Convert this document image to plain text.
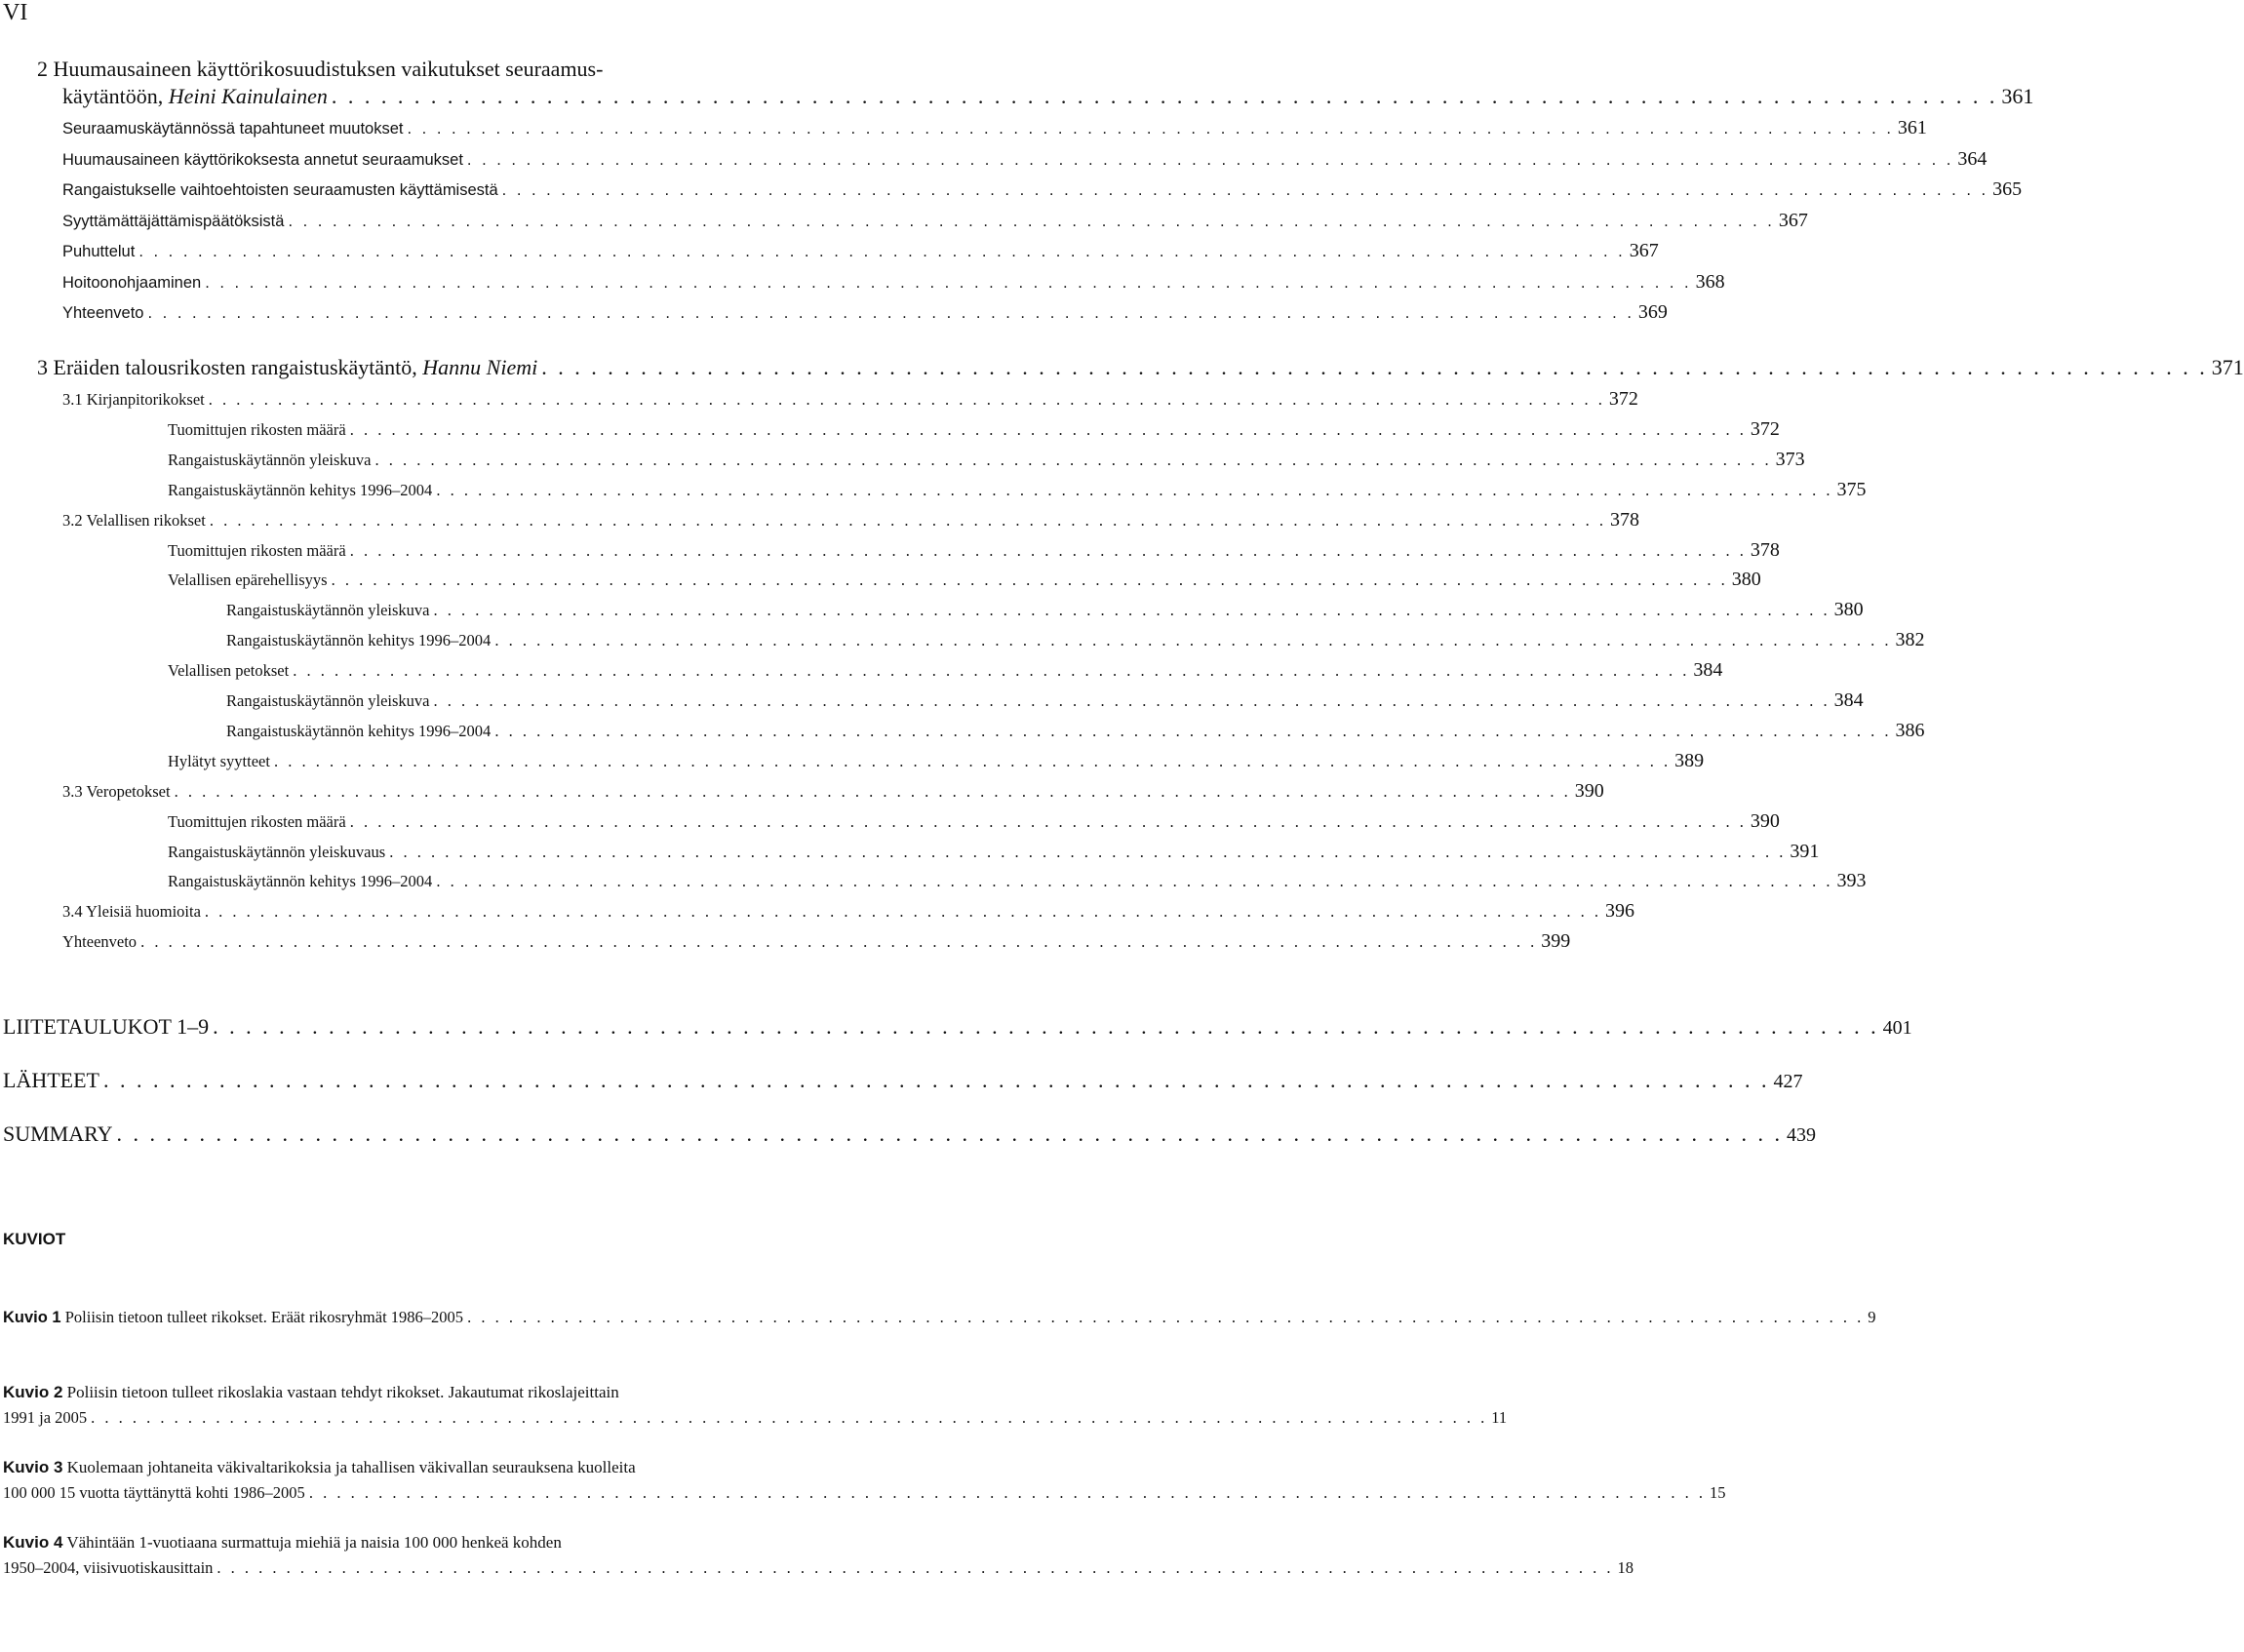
VI
2 Huumausaineen käyttörikosuudistuksen vaikutukset seuraamus-
käytäntöön, Heini Kainulainen . . . . . . . . . . . . . . . . . . . . . . . . . . . . . . . . . . . . . . . . . . . . . . . . . . . . . . . . . . . . . . . . . . . . . . . . . . . . . . . . . . . . . . . . . . . . . . . . . . . . . 361
Seuraamuskäytännössä tapahtuneet muutokset . . . . . . . . . . . . . . . . . . . . . . . . . . . . . . . . . . . . . . . . . . . . . . . . . . . . . . . . . . . . . . . . . . . . . . . . . . . . . . . . . . . . . . . . . . . . . . . . . . . . . 361
Huumausaineen käyttörikoksesta annetut seuraamukset . . . . . . . . . . . . . . . . . . . . . . . . . . . . . . . . . . . . . . . . . . . . . . . . . . . . . . . . . . . . . . . . . . . . . . . . . . . . . . . . . . . . . . . . . . . . . . . . . . . . . 364
Rangaistukselle vaihtoehtoisten seuraamusten käyttämisestä . . . . . . . . . . . . . . . . . . . . . . . . . . . . . . . . . . . . . . . . . . . . . . . . . . . . . . . . . . . . . . . . . . . . . . . . . . . . . . . . . . . . . . . . . . . . . . . . . . . . . 365
Syyttämättäjättämispäätöksistä . . . . . . . . . . . . . . . . . . . . . . . . . . . . . . . . . . . . . . . . . . . . . . . . . . . . . . . . . . . . . . . . . . . . . . . . . . . . . . . . . . . . . . . . . . . . . . . . . . . . . 367
Puhuttelut . . . . . . . . . . . . . . . . . . . . . . . . . . . . . . . . . . . . . . . . . . . . . . . . . . . . . . . . . . . . . . . . . . . . . . . . . . . . . . . . . . . . . . . . . . . . . . . . . . . . . 367
Hoitoonohjaaminen . . . . . . . . . . . . . . . . . . . . . . . . . . . . . . . . . . . . . . . . . . . . . . . . . . . . . . . . . . . . . . . . . . . . . . . . . . . . . . . . . . . . . . . . . . . . . . . . . . . . . 368
Yhteenveto . . . . . . . . . . . . . . . . . . . . . . . . . . . . . . . . . . . . . . . . . . . . . . . . . . . . . . . . . . . . . . . . . . . . . . . . . . . . . . . . . . . . . . . . . . . . . . . . . . . . . 369
3 Eräiden talousrikosten rangaistuskäytäntö, Hannu Niemi . . . . . . . . . . . . . . . . . . . . . . . . . . . . . . . . . . . . . . . . . . . . . . . . . . . . . . . . . . . . . . . . . . . . . . . . . . . . . . . . . . . . . . . . . . . . . . . . . . . . . 371
3.1 Kirjanpitorikokset . . . . . . . . . . . . . . . . . . . . . . . . . . . . . . . . . . . . . . . . . . . . . . . . . . . . . . . . . . . . . . . . . . . . . . . . . . . . . . . . . . . . . . . . . . . . . . . . . . . . . 372
Tuomittujen rikosten määrä . . . . . . . . . . . . . . . . . . . . . . . . . . . . . . . . . . . . . . . . . . . . . . . . . . . . . . . . . . . . . . . . . . . . . . . . . . . . . . . . . . . . . . . . . . . . . . . . . . . . . 372
Rangaistuskäytännön yleiskuva . . . . . . . . . . . . . . . . . . . . . . . . . . . . . . . . . . . . . . . . . . . . . . . . . . . . . . . . . . . . . . . . . . . . . . . . . . . . . . . . . . . . . . . . . . . . . . . . . . . . . 373
Rangaistuskäytännön kehitys 1996–2004 . . . . . . . . . . . . . . . . . . . . . . . . . . . . . . . . . . . . . . . . . . . . . . . . . . . . . . . . . . . . . . . . . . . . . . . . . . . . . . . . . . . . . . . . . . . . . . . . . . . . . 375
3.2 Velallisen rikokset . . . . . . . . . . . . . . . . . . . . . . . . . . . . . . . . . . . . . . . . . . . . . . . . . . . . . . . . . . . . . . . . . . . . . . . . . . . . . . . . . . . . . . . . . . . . . . . . . . . . . 378
Tuomittujen rikosten määrä . . . . . . . . . . . . . . . . . . . . . . . . . . . . . . . . . . . . . . . . . . . . . . . . . . . . . . . . . . . . . . . . . . . . . . . . . . . . . . . . . . . . . . . . . . . . . . . . . . . . . 378
Velallisen epärehellisyys . . . . . . . . . . . . . . . . . . . . . . . . . . . . . . . . . . . . . . . . . . . . . . . . . . . . . . . . . . . . . . . . . . . . . . . . . . . . . . . . . . . . . . . . . . . . . . . . . . . . . 380
Rangaistuskäytännön yleiskuva . . . . . . . . . . . . . . . . . . . . . . . . . . . . . . . . . . . . . . . . . . . . . . . . . . . . . . . . . . . . . . . . . . . . . . . . . . . . . . . . . . . . . . . . . . . . . . . . . . . . . 380
Rangaistuskäytännön kehitys 1996–2004 . . . . . . . . . . . . . . . . . . . . . . . . . . . . . . . . . . . . . . . . . . . . . . . . . . . . . . . . . . . . . . . . . . . . . . . . . . . . . . . . . . . . . . . . . . . . . . . . . . . . . 382
Velallisen petokset . . . . . . . . . . . . . . . . . . . . . . . . . . . . . . . . . . . . . . . . . . . . . . . . . . . . . . . . . . . . . . . . . . . . . . . . . . . . . . . . . . . . . . . . . . . . . . . . . . . . . 384
Rangaistuskäytännön yleiskuva . . . . . . . . . . . . . . . . . . . . . . . . . . . . . . . . . . . . . . . . . . . . . . . . . . . . . . . . . . . . . . . . . . . . . . . . . . . . . . . . . . . . . . . . . . . . . . . . . . . . . 384
Rangaistuskäytännön kehitys 1996–2004 . . . . . . . . . . . . . . . . . . . . . . . . . . . . . . . . . . . . . . . . . . . . . . . . . . . . . . . . . . . . . . . . . . . . . . . . . . . . . . . . . . . . . . . . . . . . . . . . . . . . . 386
Hylätyt syytteet . . . . . . . . . . . . . . . . . . . . . . . . . . . . . . . . . . . . . . . . . . . . . . . . . . . . . . . . . . . . . . . . . . . . . . . . . . . . . . . . . . . . . . . . . . . . . . . . . . . . . 389
3.3 Veropetokset . . . . . . . . . . . . . . . . . . . . . . . . . . . . . . . . . . . . . . . . . . . . . . . . . . . . . . . . . . . . . . . . . . . . . . . . . . . . . . . . . . . . . . . . . . . . . . . . . . . . . 390
Tuomittujen rikosten määrä . . . . . . . . . . . . . . . . . . . . . . . . . . . . . . . . . . . . . . . . . . . . . . . . . . . . . . . . . . . . . . . . . . . . . . . . . . . . . . . . . . . . . . . . . . . . . . . . . . . . . 390
Rangaistuskäytännön yleiskuvaus . . . . . . . . . . . . . . . . . . . . . . . . . . . . . . . . . . . . . . . . . . . . . . . . . . . . . . . . . . . . . . . . . . . . . . . . . . . . . . . . . . . . . . . . . . . . . . . . . . . . . 391
Rangaistuskäytännön kehitys 1996–2004 . . . . . . . . . . . . . . . . . . . . . . . . . . . . . . . . . . . . . . . . . . . . . . . . . . . . . . . . . . . . . . . . . . . . . . . . . . . . . . . . . . . . . . . . . . . . . . . . . . . . . 393
3.4 Yleisiä huomioita . . . . . . . . . . . . . . . . . . . . . . . . . . . . . . . . . . . . . . . . . . . . . . . . . . . . . . . . . . . . . . . . . . . . . . . . . . . . . . . . . . . . . . . . . . . . . . . . . . . . . 396
Yhteenveto . . . . . . . . . . . . . . . . . . . . . . . . . . . . . . . . . . . . . . . . . . . . . . . . . . . . . . . . . . . . . . . . . . . . . . . . . . . . . . . . . . . . . . . . . . . . . . . . . . . . . 399
LIITETAULUKOT 1–9 . . . . . . . . . . . . . . . . . . . . . . . . . . . . . . . . . . . . . . . . . . . . . . . . . . . . . . . . . . . . . . . . . . . . . . . . . . . . . . . . . . . . . . . . . . . . . . . . . . . . . 401
LÄHTEET . . . . . . . . . . . . . . . . . . . . . . . . . . . . . . . . . . . . . . . . . . . . . . . . . . . . . . . . . . . . . . . . . . . . . . . . . . . . . . . . . . . . . . . . . . . . . . . . . . . . . 427
SUMMARY . . . . . . . . . . . . . . . . . . . . . . . . . . . . . . . . . . . . . . . . . . . . . . . . . . . . . . . . . . . . . . . . . . . . . . . . . . . . . . . . . . . . . . . . . . . . . . . . . . . . . 439
KUVIOT
Kuvio 1 Poliisin tietoon tulleet rikokset. Eräät rikosryhmät 1986–2005 . . . . . . . . . . . . . . . . . . . . . . . . . . . . . . . . . . . . . . . . . . . . . . . . . . . . . . . . . . . . . . . . . . . . . . . . . . . . . . . . . . . . . . . . . . . . . . . . . . . . . 9
Kuvio 2 Poliisin tietoon tulleet rikoslakia vastaan tehdyt rikokset. Jakautumat rikoslajeittain
1991 ja 2005 . . . . . . . . . . . . . . . . . . . . . . . . . . . . . . . . . . . . . . . . . . . . . . . . . . . . . . . . . . . . . . . . . . . . . . . . . . . . . . . . . . . . . . . . . . . . . . . . . . . . . 11
Kuvio 3 Kuolemaan johtaneita väkivaltarikoksia ja tahallisen väkivallan seurauksena kuolleita
100 000 15 vuotta täyttänyttä kohti 1986–2005 . . . . . . . . . . . . . . . . . . . . . . . . . . . . . . . . . . . . . . . . . . . . . . . . . . . . . . . . . . . . . . . . . . . . . . . . . . . . . . . . . . . . . . . . . . . . . . . . . . . . . 15
Kuvio 4 Vähintään 1-vuotiaana surmattuja miehiä ja naisia 100 000 henkeä kohden
1950–2004, viisivuotiskausittain . . . . . . . . . . . . . . . . . . . . . . . . . . . . . . . . . . . . . . . . . . . . . . . . . . . . . . . . . . . . . . . . . . . . . . . . . . . . . . . . . . . . . . . . . . . . . . . . . . . . . 18
